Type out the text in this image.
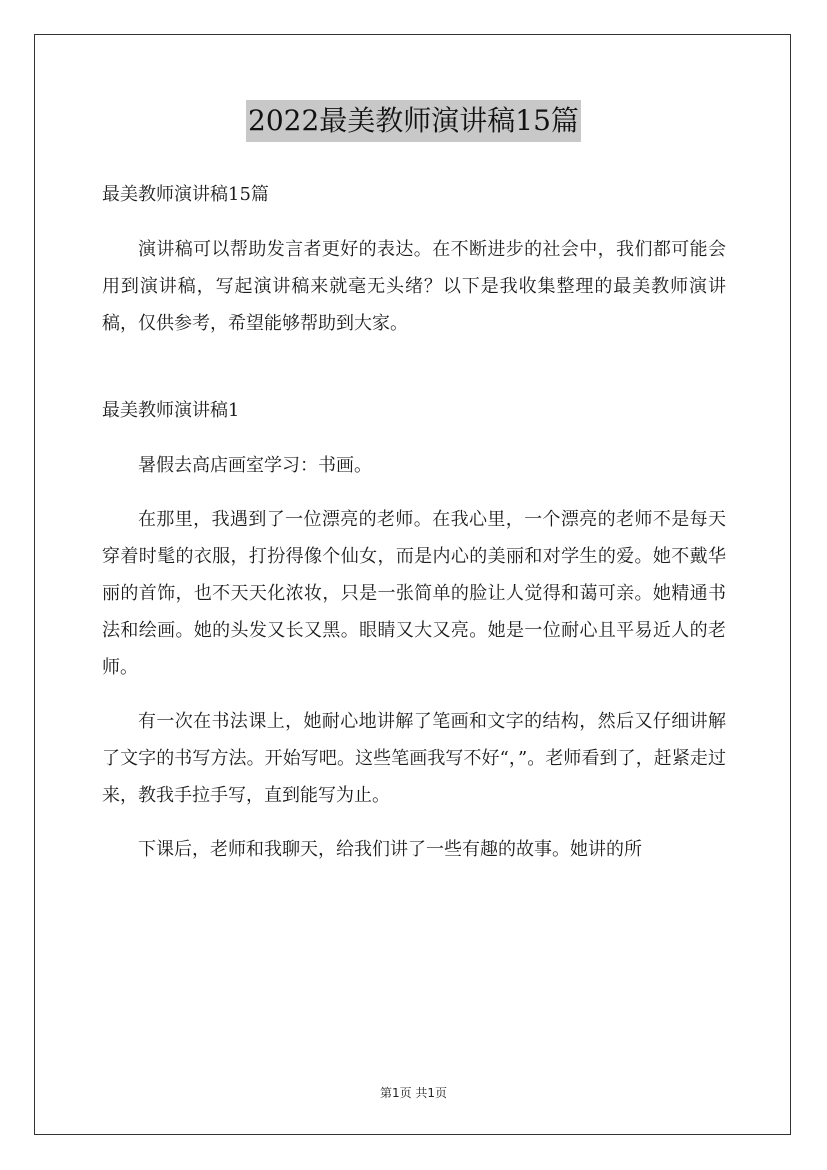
2022最美教师演讲稿15篇

最美教师演讲稿15篇

演讲稿可以帮助发言者更好的表达。在不断进步的社会中，我们都可能会用到演讲稿，写起演讲稿来就毫无头绪？以下是我收集整理的最美教师演讲稿，仅供参考，希望能够帮助到大家。

最美教师演讲稿1

暑假去高店画室学习：书画。

在那里，我遇到了一位漂亮的老师。在我心里，一个漂亮的老师不是每天穿着时髦的衣服，打扮得像个仙女，而是内心的美丽和对学生的爱。她不戴华丽的首饰，也不天天化浓妆，只是一张简单的脸让人觉得和蔼可亲。她精通书法和绘画。她的头发又长又黑。眼睛又大又亮。她是一位耐心且平易近人的老师。

有一次在书法课上，她耐心地讲解了笔画和文字的结构，然后又仔细讲解了文字的书写方法。开始写吧。这些笔画我写不好“，”。老师看到了，赶紧走过来，教我手拉手写，直到能写为止。

下课后，老师和我聊天，给我们讲了一些有趣的故事。她讲的所

第1页 共1页
